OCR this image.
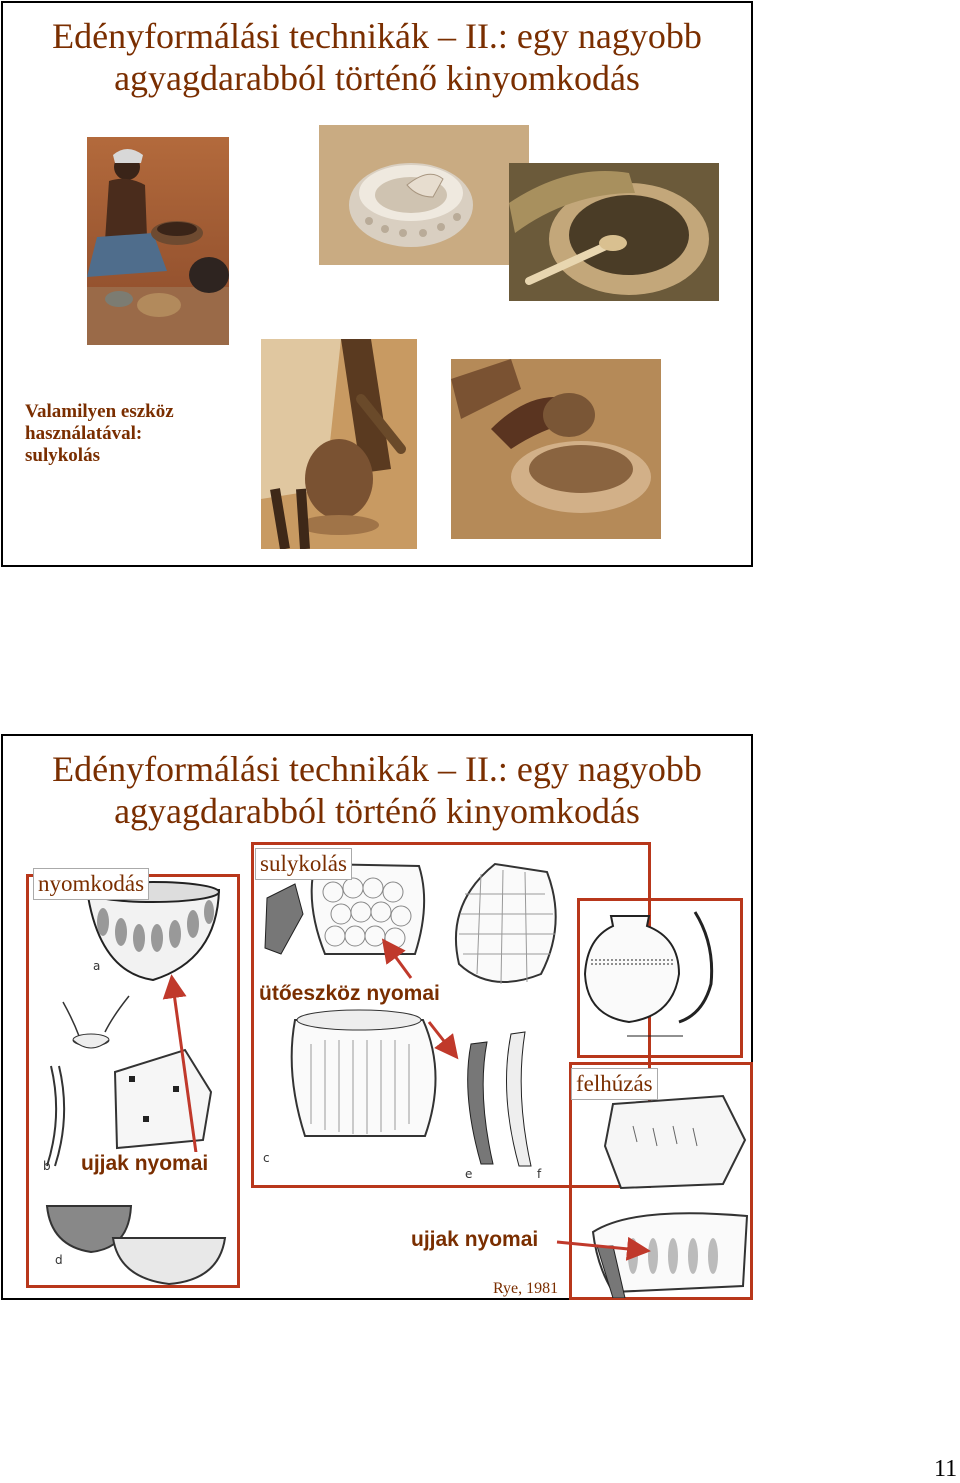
Edényformálási technikák – II.: egy nagyobb
agyagdarabból történő kinyomkodás
Valamilyen eszköz
használatával:
sulykolás
Edényformálási technikák – II.: egy nagyobb
agyagdarabból történő kinyomkodás
a
b
d
c
e	f
nyomkodás
sulykolás
ütőeszköz nyomai
felhúzás
ujjak nyomai
ujjak nyomai
Rye, 1981
11
